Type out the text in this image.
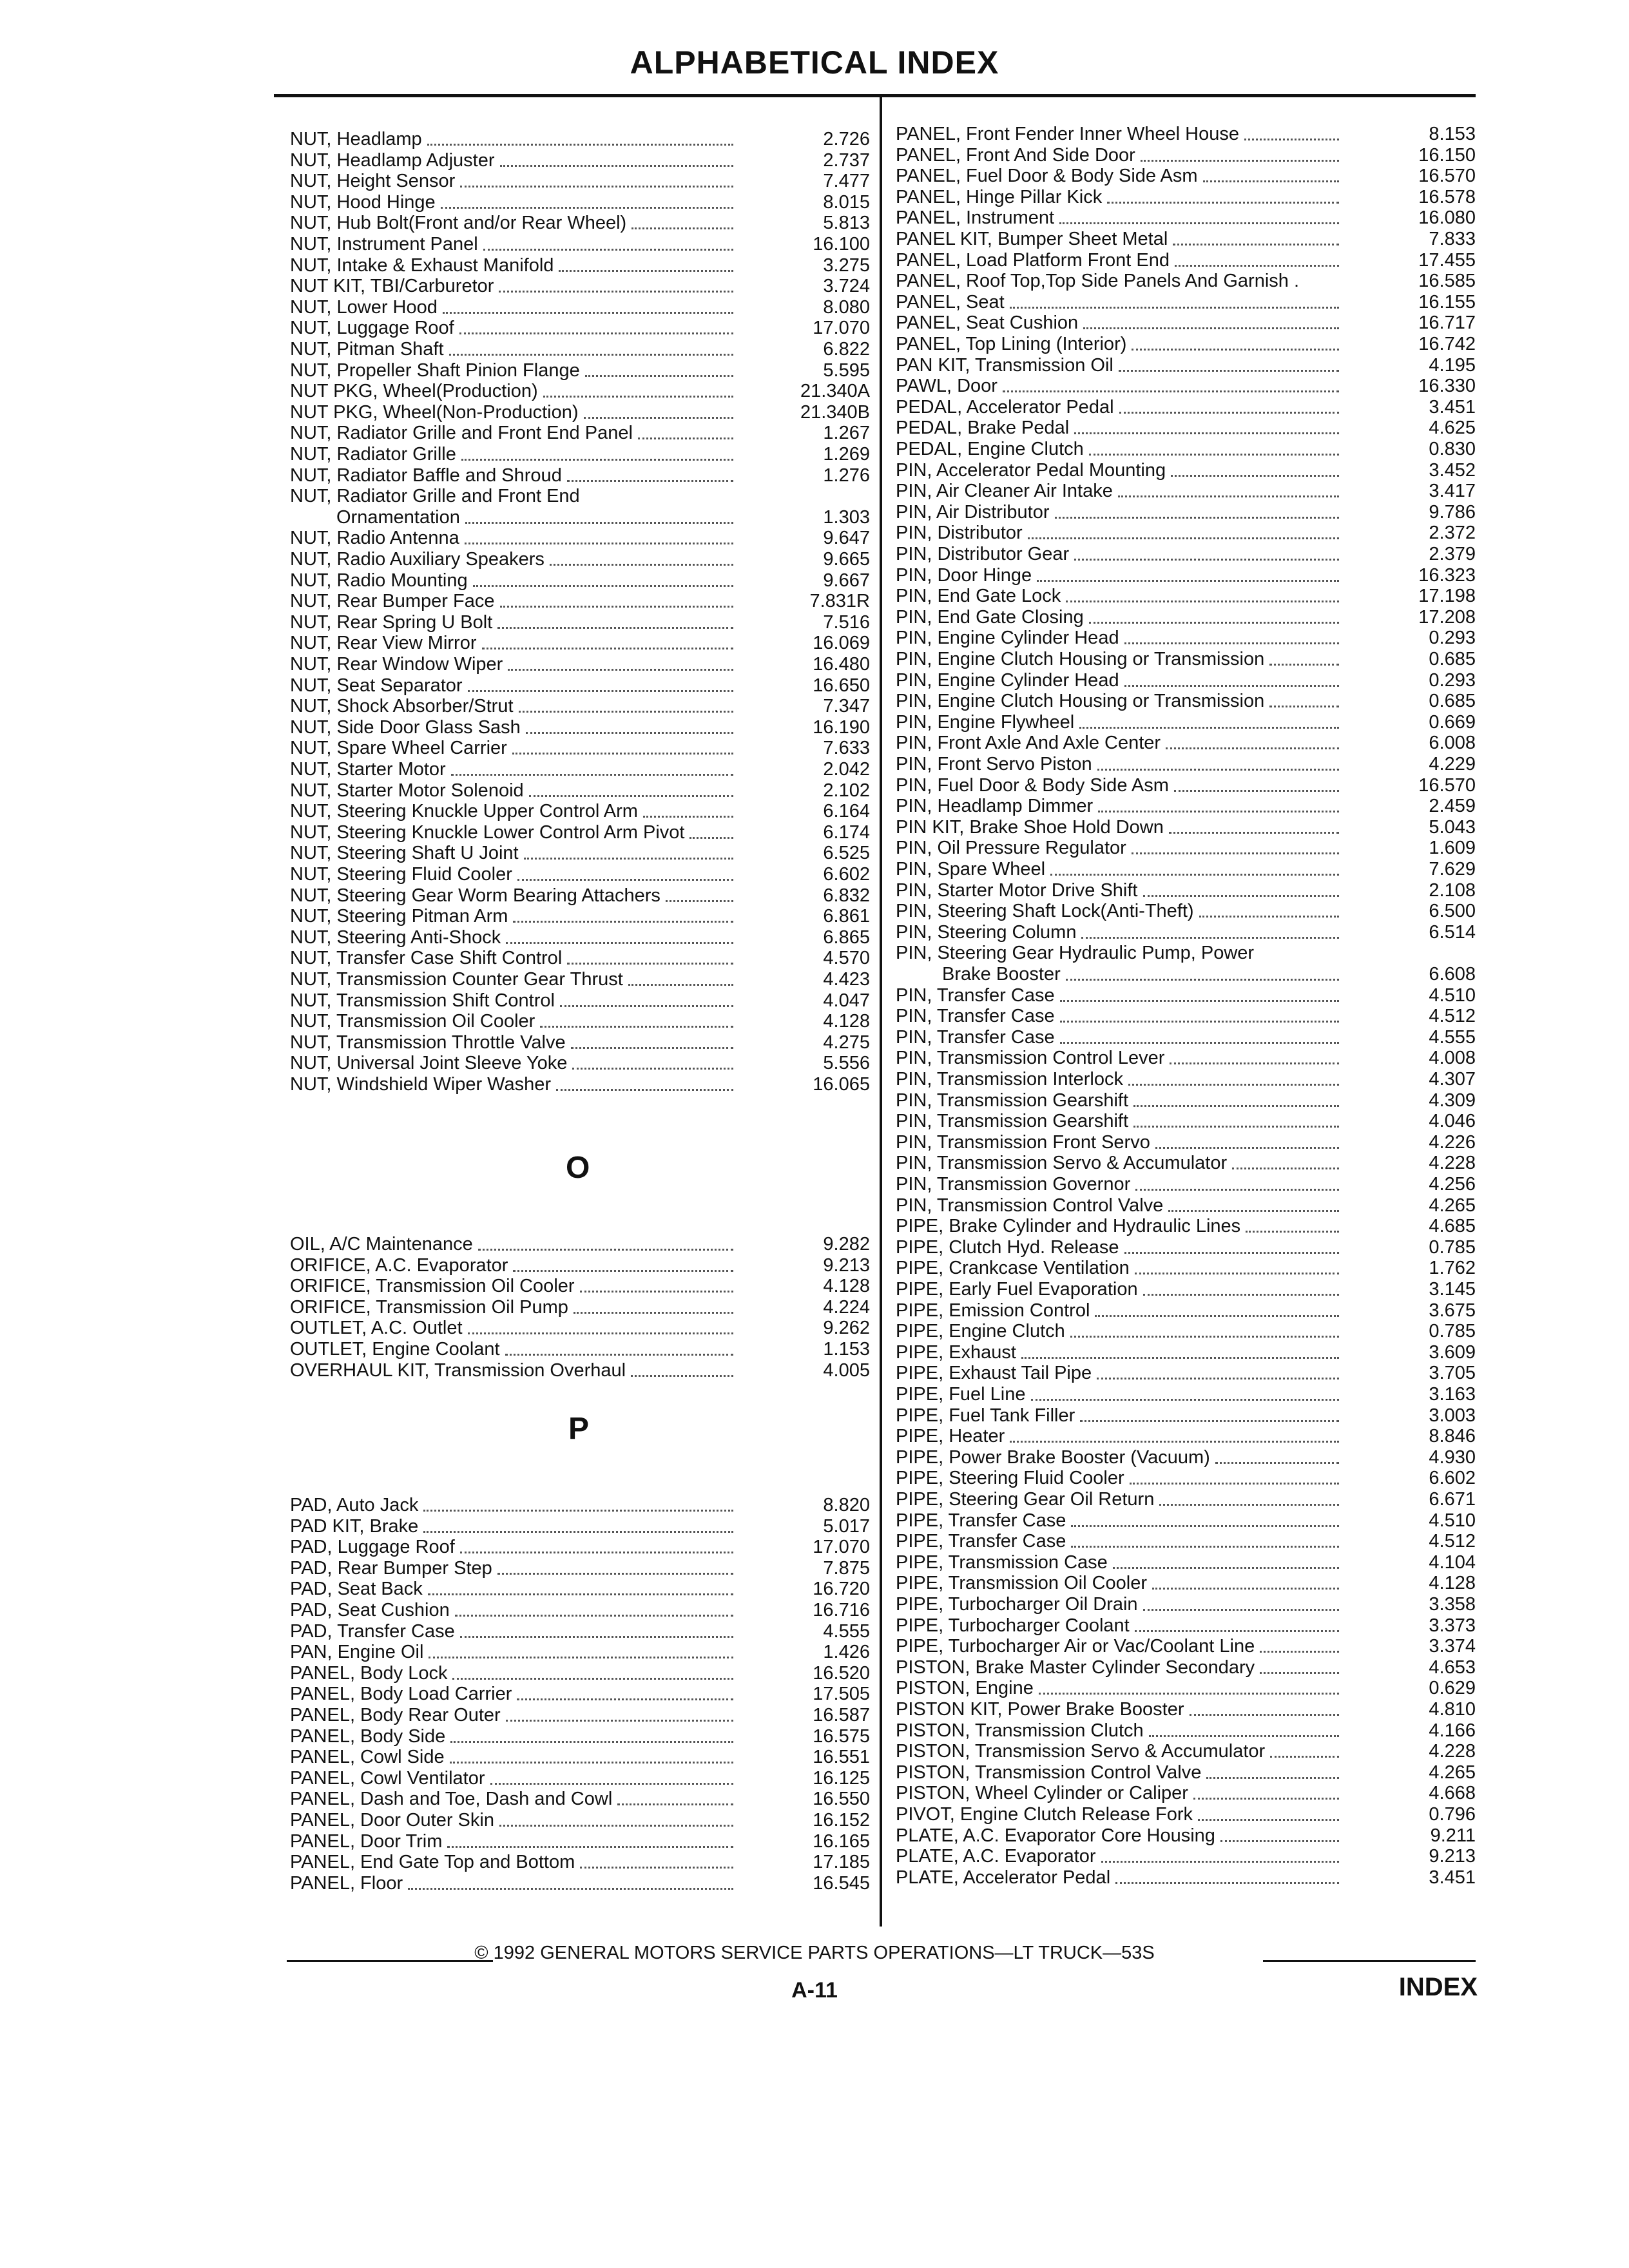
ALPHABETICAL INDEX
NUT, Headlamp	2.726
NUT, Headlamp Adjuster	2.737
NUT, Height Sensor	7.477
NUT, Hood Hinge	8.015
NUT, Hub Bolt(Front and/or Rear Wheel)	5.813
NUT, Instrument Panel	16.100
NUT, Intake & Exhaust Manifold	3.275
NUT KIT, TBI/Carburetor	3.724
NUT, Lower Hood	8.080
NUT, Luggage Roof	17.070
NUT, Pitman Shaft	6.822
NUT, Propeller Shaft Pinion Flange	5.595
NUT PKG, Wheel(Production)	21.340A
NUT PKG, Wheel(Non-Production)	21.340B
NUT, Radiator Grille and Front End Panel	1.267
NUT, Radiator Grille	1.269
NUT, Radiator Baffle and Shroud	1.276
NUT, Radiator Grille and Front End
Ornamentation	1.303
NUT, Radio Antenna	9.647
NUT, Radio Auxiliary Speakers	9.665
NUT, Radio Mounting	9.667
NUT, Rear Bumper Face	7.831R
NUT, Rear Spring U Bolt	7.516
NUT, Rear View Mirror	16.069
NUT, Rear Window Wiper	16.480
NUT, Seat Separator	16.650
NUT, Shock Absorber/Strut	7.347
NUT, Side Door Glass Sash	16.190
NUT, Spare Wheel Carrier	7.633
NUT, Starter Motor	2.042
NUT, Starter Motor Solenoid	2.102
NUT, Steering Knuckle Upper Control Arm	6.164
NUT, Steering Knuckle Lower Control Arm Pivot	6.174
NUT, Steering Shaft U Joint	6.525
NUT, Steering Fluid Cooler	6.602
NUT, Steering Gear Worm Bearing Attachers	6.832
NUT, Steering Pitman Arm	6.861
NUT, Steering Anti-Shock	6.865
NUT, Transfer Case Shift Control	4.570
NUT, Transmission Counter Gear Thrust	4.423
NUT, Transmission Shift Control	4.047
NUT, Transmission Oil Cooler	4.128
NUT, Transmission Throttle Valve	4.275
NUT, Universal Joint Sleeve Yoke	5.556
NUT, Windshield Wiper Washer	16.065
O
OIL, A/C Maintenance	9.282
ORIFICE, A.C. Evaporator	9.213
ORIFICE, Transmission Oil Cooler	4.128
ORIFICE, Transmission Oil Pump	4.224
OUTLET, A.C. Outlet	9.262
OUTLET, Engine Coolant	1.153
OVERHAUL KIT, Transmission Overhaul	4.005
P
PAD, Auto Jack	8.820
PAD KIT, Brake	5.017
PAD, Luggage Roof	17.070
PAD, Rear Bumper Step	7.875
PAD, Seat Back	16.720
PAD, Seat Cushion	16.716
PAD, Transfer Case	4.555
PAN, Engine Oil	1.426
PANEL, Body Lock	16.520
PANEL, Body Load Carrier	17.505
PANEL, Body Rear Outer	16.587
PANEL, Body Side	16.575
PANEL, Cowl Side	16.551
PANEL, Cowl Ventilator	16.125
PANEL, Dash and Toe, Dash and Cowl	16.550
PANEL, Door Outer Skin	16.152
PANEL, Door Trim	16.165
PANEL, End Gate Top and Bottom	17.185
PANEL, Floor	16.545
PANEL, Front Fender Inner Wheel House	8.153
PANEL, Front And Side Door	16.150
PANEL, Fuel Door & Body Side Asm	16.570
PANEL, Hinge Pillar Kick	16.578
PANEL, Instrument	16.080
PANEL KIT, Bumper Sheet Metal	7.833
PANEL, Load Platform Front End	17.455
PANEL, Roof Top,Top Side Panels And Garnish .	16.585
PANEL, Seat	16.155
PANEL, Seat Cushion	16.717
PANEL, Top Lining (Interior)	16.742
PAN KIT, Transmission Oil	4.195
PAWL, Door	16.330
PEDAL, Accelerator Pedal	3.451
PEDAL, Brake Pedal	4.625
PEDAL, Engine Clutch	0.830
PIN, Accelerator Pedal Mounting	3.452
PIN, Air Cleaner Air Intake	3.417
PIN, Air Distributor	9.786
PIN, Distributor	2.372
PIN, Distributor Gear	2.379
PIN, Door Hinge	16.323
PIN, End Gate Lock	17.198
PIN, End Gate Closing	17.208
PIN, Engine Cylinder Head	0.293
PIN, Engine Clutch Housing or Transmission	0.685
PIN, Engine Cylinder Head	0.293
PIN, Engine Clutch Housing or Transmission	0.685
PIN, Engine Flywheel	0.669
PIN, Front Axle And Axle Center	6.008
PIN, Front Servo Piston	4.229
PIN, Fuel Door & Body Side Asm	16.570
PIN, Headlamp Dimmer	2.459
PIN KIT, Brake Shoe Hold Down	5.043
PIN, Oil Pressure Regulator	1.609
PIN, Spare Wheel	7.629
PIN, Starter Motor Drive Shift	2.108
PIN, Steering Shaft Lock(Anti-Theft)	6.500
PIN, Steering Column	6.514
PIN, Steering Gear Hydraulic Pump, Power
Brake Booster	6.608
PIN, Transfer Case	4.510
PIN, Transfer Case	4.512
PIN, Transfer Case	4.555
PIN, Transmission Control Lever	4.008
PIN, Transmission Interlock	4.307
PIN, Transmission Gearshift	4.309
PIN, Transmission Gearshift	4.046
PIN, Transmission Front Servo	4.226
PIN, Transmission Servo & Accumulator	4.228
PIN, Transmission Governor	4.256
PIN, Transmission Control Valve	4.265
PIPE, Brake Cylinder and Hydraulic Lines	4.685
PIPE, Clutch Hyd. Release	0.785
PIPE, Crankcase Ventilation	1.762
PIPE, Early Fuel Evaporation	3.145
PIPE, Emission Control	3.675
PIPE, Engine Clutch	0.785
PIPE, Exhaust	3.609
PIPE, Exhaust Tail Pipe	3.705
PIPE, Fuel Line	3.163
PIPE, Fuel Tank Filler	3.003
PIPE, Heater	8.846
PIPE, Power Brake Booster (Vacuum)	4.930
PIPE, Steering Fluid Cooler	6.602
PIPE, Steering Gear Oil Return	6.671
PIPE, Transfer Case	4.510
PIPE, Transfer Case	4.512
PIPE, Transmission Case	4.104
PIPE, Transmission Oil Cooler	4.128
PIPE, Turbocharger Oil Drain	3.358
PIPE, Turbocharger Coolant	3.373
PIPE, Turbocharger Air or Vac/Coolant Line	3.374
PISTON, Brake Master Cylinder Secondary	4.653
PISTON, Engine	0.629
PISTON KIT, Power Brake Booster	4.810
PISTON, Transmission Clutch	4.166
PISTON, Transmission Servo & Accumulator	4.228
PISTON, Transmission Control Valve	4.265
PISTON, Wheel Cylinder or Caliper	4.668
PIVOT, Engine Clutch Release Fork	0.796
PLATE, A.C. Evaporator Core Housing	9.211
PLATE, A.C. Evaporator	9.213
PLATE, Accelerator Pedal	3.451
© 1992 GENERAL MOTORS SERVICE PARTS OPERATIONS—LT TRUCK—53S
A-11	INDEX
